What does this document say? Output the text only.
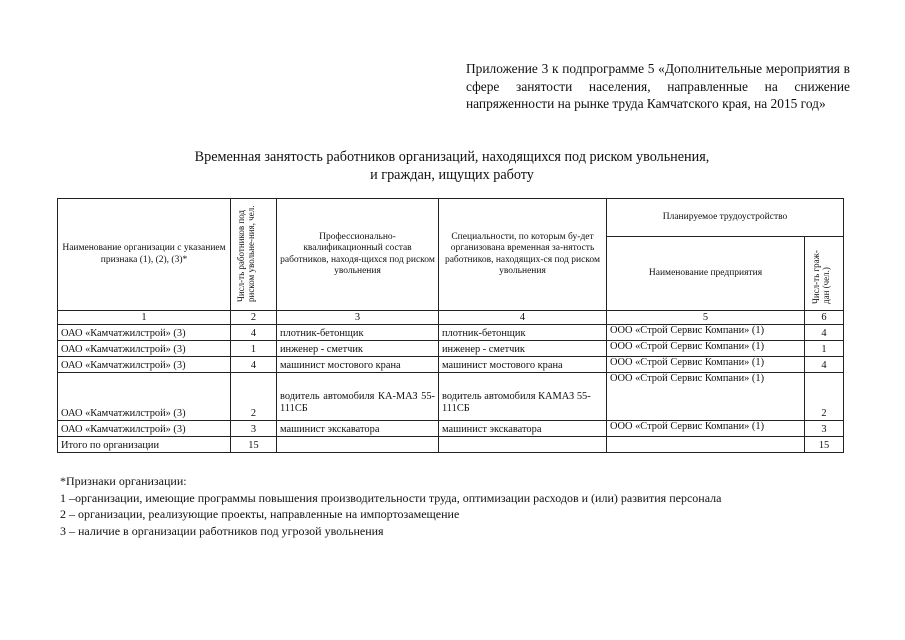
Приложение 3 к подпрограмме 5 «Дополнительные мероприятия в сфере занятости населения, направленные на снижение напряженности на рынке труда Камчатского края, на 2015 год»
Временная занятость работников организаций, находящихся под риском увольнения,
и граждан, ищущих работу
Наименование организации с указанием признака (1), (2), (3)*	Числ-ть работников под риском увольне-ния, чел.	Профессионально-квалификационный состав работников, находя-щихся под риском увольнения	Специальности, по которым бу-дет организована временная за-нятость работников, находящих-ся под риском увольнения	Планируемое трудоустройство	
				Наименование предприятия	Числ-ть граж-дан (чел.)
1	2	3	4	5	6
ОАО «Камчатжилстрой» (3)	4	плотник-бетонщик	плотник-бетонщик	ООО «Строй Сервис Компани» (1)	4
ОАО «Камчатжилстрой» (3)	1	инженер - сметчик	инженер - сметчик	ООО «Строй Сервис Компани» (1)	1
ОАО «Камчатжилстрой» (3)	4	машинист мостового крана	машинист мостового крана	ООО «Строй Сервис Компани» (1)	4
ОАО «Камчатжилстрой» (3)	2	водитель автомобиля КА-МАЗ 55-111СБ	водитель автомобиля КАМАЗ 55-111СБ	ООО «Строй Сервис Компани» (1)	2
ОАО «Камчатжилстрой» (3)	3	машинист экскаватора	машинист экскаватора	ООО «Строй Сервис Компани» (1)	3
Итого по организации	15				15
*Признаки организации:
1 –организации, имеющие программы повышения производительности труда, оптимизации расходов и (или) развития персонала
2 – организации, реализующие проекты, направленные на импортозамещение
3 – наличие в организации работников под угрозой увольнения
